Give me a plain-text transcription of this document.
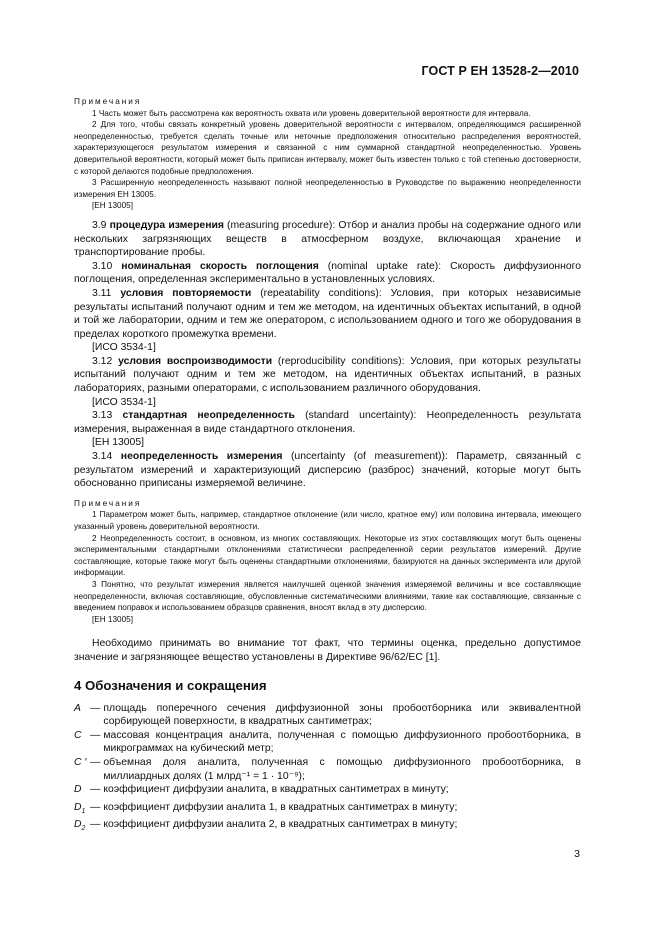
ГОСТ Р ЕН 13528-2—2010

Примечания

1 Часть может быть рассмотрена как вероятность охвата или уровень доверительной вероятности для интервала.

2 Для того, чтобы связать конкретный уровень доверительной вероятности с интервалом, определяющимся расширенной неопределенностью, требуется сделать точные или неточные предположения относительно распределения вероятностей, характеризующегося результатом измерения и связанной с ним суммарной стандартной неопределенностью. Уровень доверительной вероятности, который может быть приписан интервалу, может быть известен только с той степенью достоверности, с которой делаются подобные предположения.

3 Расширенную неопределенность называют полной неопределенностью в Руководстве по выражению неопределенности измерения ЕН 13005.

[ЕН 13005]

3.9 процедура измерения (measuring procedure): Отбор и анализ пробы на содержание одного или нескольких загрязняющих веществ в атмосферном воздухе, включающая хранение и транспортирование пробы.

3.10 номинальная скорость поглощения (nominal uptake rate): Скорость диффузионного поглощения, определенная экспериментально в установленных условиях.

3.11 условия повторяемости (repeatability conditions): Условия, при которых независимые результаты испытаний получают одним и тем же методом, на идентичных объектах испытаний, в одной и той же лаборатории, одним и тем же оператором, с использованием одного и того же оборудования в пределах короткого промежутка времени.

[ИСО 3534-1]

3.12 условия воспроизводимости (reproducibility conditions): Условия, при которых результаты испытаний получают одним и тем же методом, на идентичных объектах испытаний, в разных лабораториях, разными операторами, с использованием различного оборудования.

[ИСО 3534-1]

3.13 стандартная неопределенность (standard uncertainty): Неопределенность результата измерения, выраженная в виде стандартного отклонения.

[ЕН 13005]

3.14 неопределенность измерения (uncertainty (of measurement)): Параметр, связанный с результатом измерений и характеризующий дисперсию (разброс) значений, которые могут быть обоснованно приписаны измеряемой величине.

Примечания

1 Параметром может быть, например, стандартное отклонение (или число, кратное ему) или половина интервала, имеющего указанный уровень доверительной вероятности.

2 Неопределенность состоит, в основном, из многих составляющих. Некоторые из этих составляющих могут быть оценены экспериментальными стандартными отклонениями статистически распределенной серии результатов измерений. Другие составляющие, которые также могут быть оценены стандартными отклонениями, базируются на данных эксперимента или другой информации.

3 Понятно, что результат измерения является наилучшей оценкой значения измеряемой величины и все составляющие неопределенности, включая составляющие, обусловленные систематическими влияниями, такие как составляющие, связанные с введением поправок и использованием образцов сравнения, вносят вклад в эту дисперсию.

[ЕН 13005]

Необходимо принимать во внимание тот факт, что термины оценка, предельно допустимое значение и загрязняющее вещество установлены в Директиве 96/62/ЕС [1].

4 Обозначения и сокращения
A — площадь поперечного сечения диффузионной зоны пробоотборника или эквивалентной сорбирующей поверхности, в квадратных сантиметрах;
C — массовая концентрация аналита, полученная с помощью диффузионного пробоотборника, в микрограммах на кубический метр;
C ′ — объемная доля аналита, полученная с помощью диффузионного пробоотборника, в миллиардных долях (1 млрд⁻¹ = 1 · 10⁻⁹);
D — коэффициент диффузии аналита, в квадратных сантиметрах в минуту;
$D_1$ — коэффициент диффузии аналита 1, в квадратных сантиметрах в минуту;
$D_2$ — коэффициент диффузии аналита 2, в квадратных сантиметрах в минуту;
3
